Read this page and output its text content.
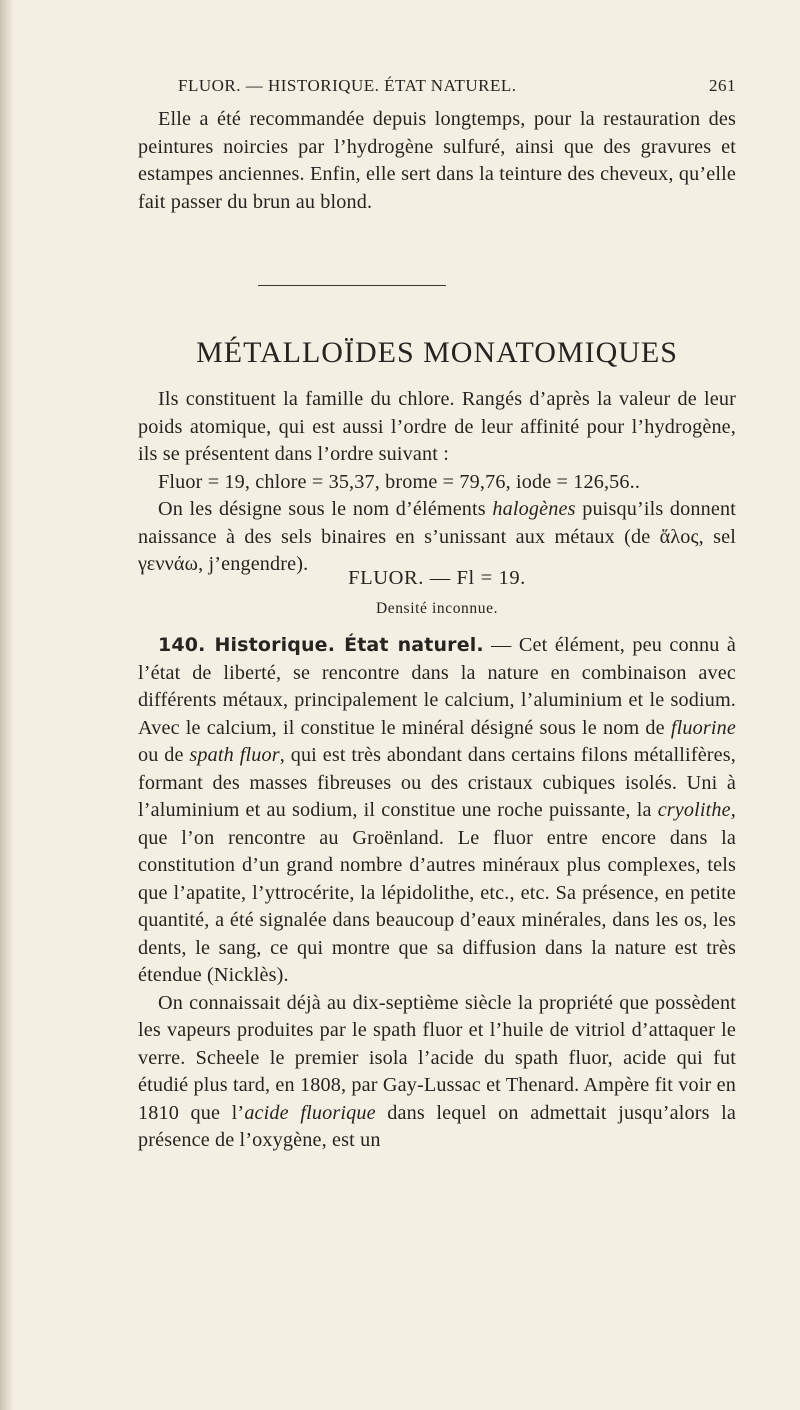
FLUOR. — HISTORIQUE. ÉTAT NATUREL.	261

Elle a été recommandée depuis longtemps, pour la restauration des peintures noircies par l’hydrogène sulfuré, ainsi que des gravures et estampes anciennes. Enfin, elle sert dans la teinture des cheveux, qu’elle fait passer du brun au blond.

MÉTALLOÏDES MONATOMIQUES

Ils constituent la famille du chlore. Rangés d’après la valeur de leur poids atomique, qui est aussi l’ordre de leur affinité pour l’hydrogène, ils se présentent dans l’ordre suivant :

Fluor = 19, chlore = 35,37, brome = 79,76, iode = 126,56..

On les désigne sous le nom d’éléments halogènes puisqu’ils donnent naissance à des sels binaires en s’unissant aux métaux (de ἅλος, sel γεννάω, j’engendre).

FLUOR. — Fl = 19.
Densité inconnue.

140. Historique. État naturel. — Cet élément, peu connu à l’état de liberté, se rencontre dans la nature en combinaison avec différents métaux, principalement le calcium, l’aluminium et le sodium. Avec le calcium, il constitue le minéral désigné sous le nom de fluorine ou de spath fluor, qui est très abondant dans certains filons métallifères, formant des masses fibreuses ou des cristaux cubiques isolés. Uni à l’aluminium et au sodium, il constitue une roche puissante, la cryolithe, que l’on rencontre au Groënland. Le fluor entre encore dans la constitution d’un grand nombre d’autres minéraux plus complexes, tels que l’apatite, l’yttrocérite, la lépidolithe, etc., etc. Sa présence, en petite quantité, a été signalée dans beaucoup d’eaux minérales, dans les os, les dents, le sang, ce qui montre que sa diffusion dans la nature est très étendue (Nicklès).

On connaissait déjà au dix-septième siècle la propriété que possèdent les vapeurs produites par le spath fluor et l’huile de vitriol d’attaquer le verre. Scheele le premier isola l’acide du spath fluor, acide qui fut étudié plus tard, en 1808, par Gay-Lussac et Thenard. Ampère fit voir en 1810 que l’acide fluorique dans lequel on admettait jusqu’alors la présence de l’oxygène, est un
